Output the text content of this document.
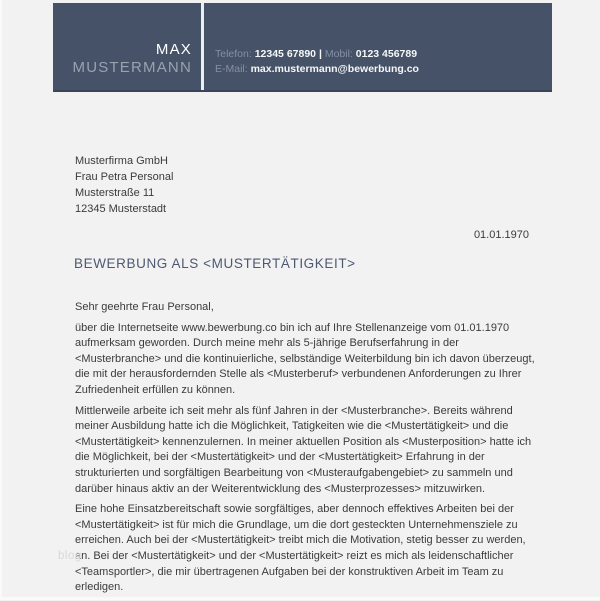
MAX
MUSTERMANN
Telefon: 12345 67890 | Mobil: 0123 456789
E-Mail: max.mustermann@bewerbung.co
Musterfirma GmbH
Frau Petra Personal
Musterstraße 11
12345 Musterstadt
01.01.1970
BEWERBUNG ALS <MUSTERTÄTIGKEIT>
Sehr geehrte Frau Personal,

über die Internetseite www.bewerbung.co bin ich auf Ihre Stellenanzeige vom 01.01.1970 aufmerksam geworden. Durch meine mehr als 5-jährige Berufserfahrung in der <Musterbranche> und die kontinuierliche, selbständige Weiterbildung bin ich davon überzeugt, die mit der herausfordernden Stelle als <Musterberuf> verbundenen Anforderungen zu Ihrer Zufriedenheit erfüllen zu können.

Mittlerweile arbeite ich seit mehr als fünf Jahren in der <Musterbranche>. Bereits während meiner Ausbildung hatte ich die Möglichkeit, Tatigkeiten wie die <Mustertätigkeit> und die <Mustertätigkeit> kennenzulernen. In meiner aktuellen Position als <Musterposition> hatte ich die Möglichkeit, bei der <Mustertätigkeit> und der <Mustertätigkeit> Erfahrung in der strukturierten und sorgfältigen Bearbeitung von <Musteraufgabengebiet> zu sammeln und darüber hinaus aktiv an der Weiterentwicklung des <Musterprozesses> mitzuwirken.

Eine hohe Einsatzbereitschaft sowie sorgfältiges, aber dennoch effektives Arbeiten bei der <Mustertätigkeit> ist für mich die Grundlage, um die dort gesteckten Unternehmensziele zu erreichen. Auch bei der <Mustertätigkeit> treibt mich die Motivation, stetig besser zu werden, an. Bei der <Mustertätigkeit> und der <Mustertätigkeit> reizt es mich als leidenschaftlicher <Teamsportler>, die mir übertragenen Aufgaben bei der konstruktiven Arbeit im Team zu erledigen.

blog
